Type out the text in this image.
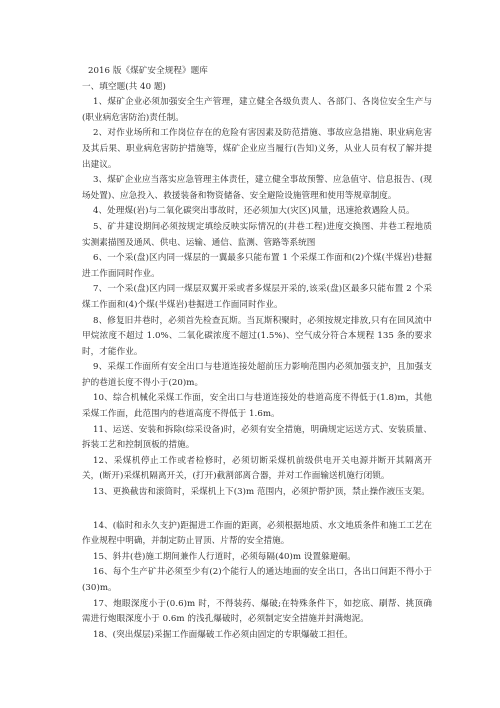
2016 版《煤矿安全规程》题库

一、填空题(共 40 题)

1、煤矿企业必须加强安全生产管理，建立健全各级负责人、各部门、各岗位安全生产与(职业病危害防治)责任制。

2、对作业场所和工作岗位存在的危险有害因素及防范措施、事故应急措施、职业病危害及其后果、职业病危害防护措施等，煤矿企业应当履行(告知)义务，从业人员有权了解并提出建议。

3、煤矿企业应当落实应急管理主体责任，建立健全事故预警、应急值守、信息报告、(现场处置)、应急投入、救援装备和物资储备、安全避险设施管理和使用等规章制度。

4、处理煤(岩)与二氧化碳突出事故时，还必须加大(灾区)风量，迅速抢救遇险人员。

5、矿井建设期间必须按规定填绘反映实际情况的(井巷工程)进度交换图、井巷工程地质实测素描图及通风、供电、运输、通信、监测、管路等系统图

6、一个采(盘)区内同一煤层的一翼最多只能布置 1 个采煤工作面和(2)个煤(半煤岩)巷掘进工作面同时作业。

7、一个采(盘)区内同一煤层双翼开采或者多煤层开采的,该采(盘)区最多只能布置 2 个采煤工作面和(4)个煤(半煤岩)巷掘进工作面同时作业。

8、修复旧井巷时，必须首先检查瓦斯。当瓦斯积聚时，必须按规定排放,只有在回风流中甲烷浓度不超过 1.0%、二氧化碳浓度不超过(1.5%)、空气成分符合本规程 135 条的要求时，才能作业。

9、采煤工作面所有安全出口与巷道连接处超前压力影响范围内必须加强支护，且加强支护的巷道长度不得小于(20)m。

10、综合机械化采煤工作面，安全出口与巷道连接处的巷道高度不得低于(1.8)m，其他采煤工作面，此范围内的巷道高度不得低于 1.6m。

11、运送、安装和拆除(综采设备)时，必须有安全措施，明确规定运送方式、安装质量、拆装工艺和控制顶板的措施。

12、采煤机停止工作或者检修时，必须切断采煤机前级供电开关电源并断开其隔离开关，(断开)采煤机隔离开关，(打开)截割部离合器，并对工作面输送机施行闭锁。

13、更换截齿和滚筒时，采煤机上下(3)m 范围内，必须护帮护顶，禁止操作液压支架。

14、(临时和永久支护)距掘进工作面的距离，必须根据地质、水文地质条件和施工工艺在作业规程中明确，并制定防止冒顶、片帮的安全措施。

15、斜井(巷)施工期间兼作人行道时，必须每隔(40)m 设置躲避硐。

16、每个生产矿井必须至少有(2)个能行人的通达地面的安全出口，各出口间距不得小于(30)m。

17、炮眼深度小于(0.6)m 时，不得装药、爆破;在特殊条件下，如挖底、刷帮、挑顶确需进行炮眼深度小于 0.6m 的浅孔爆破时，必须制定安全措施并封满炮泥。

18、(突出煤层)采掘工作面爆破工作必须由固定的专职爆破工担任。
